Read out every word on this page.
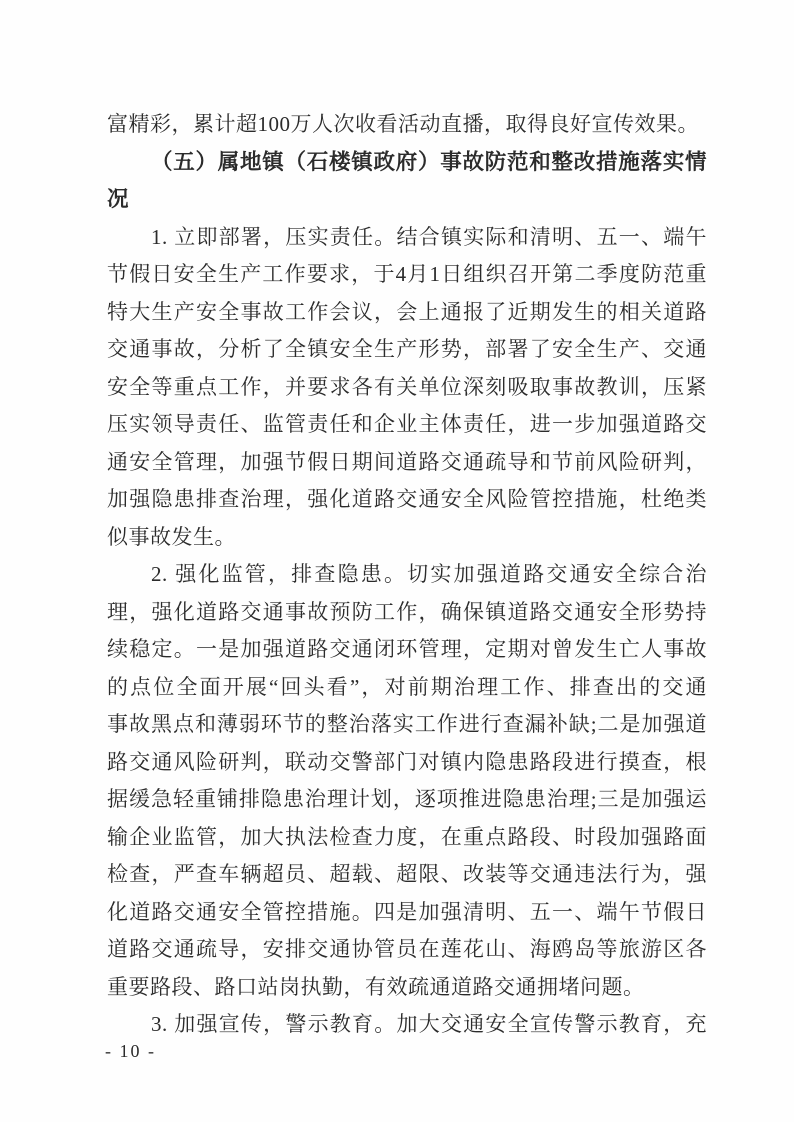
富精彩，累计超100万人次收看活动直播，取得良好宣传效果。
（五）属地镇（石楼镇政府）事故防范和整改措施落实情
况
1. 立即部署，压实责任。结合镇实际和清明、五一、端午
节假日安全生产工作要求，于4月1日组织召开第二季度防范重
特大生产安全事故工作会议，会上通报了近期发生的相关道路
交通事故，分析了全镇安全生产形势，部署了安全生产、交通
安全等重点工作，并要求各有关单位深刻吸取事故教训，压紧
压实领导责任、监管责任和企业主体责任，进一步加强道路交
通安全管理，加强节假日期间道路交通疏导和节前风险研判，
加强隐患排查治理，强化道路交通安全风险管控措施，杜绝类
似事故发生。
2. 强化监管，排查隐患。切实加强道路交通安全综合治
理，强化道路交通事故预防工作，确保镇道路交通安全形势持
续稳定。一是加强道路交通闭环管理，定期对曾发生亡人事故
的点位全面开展“回头看”，对前期治理工作、排查出的交通
事故黑点和薄弱环节的整治落实工作进行查漏补缺;二是加强道
路交通风险研判，联动交警部门对镇内隐患路段进行摸查，根
据缓急轻重铺排隐患治理计划，逐项推进隐患治理;三是加强运
输企业监管，加大执法检查力度，在重点路段、时段加强路面
检查，严查车辆超员、超载、超限、改装等交通违法行为，强
化道路交通安全管控措施。四是加强清明、五一、端午节假日
道路交通疏导，安排交通协管员在莲花山、海鸥岛等旅游区各
重要路段、路口站岗执勤，有效疏通道路交通拥堵问题。
3. 加强宣传，警示教育。加大交通安全宣传警示教育，充
- 10 -
